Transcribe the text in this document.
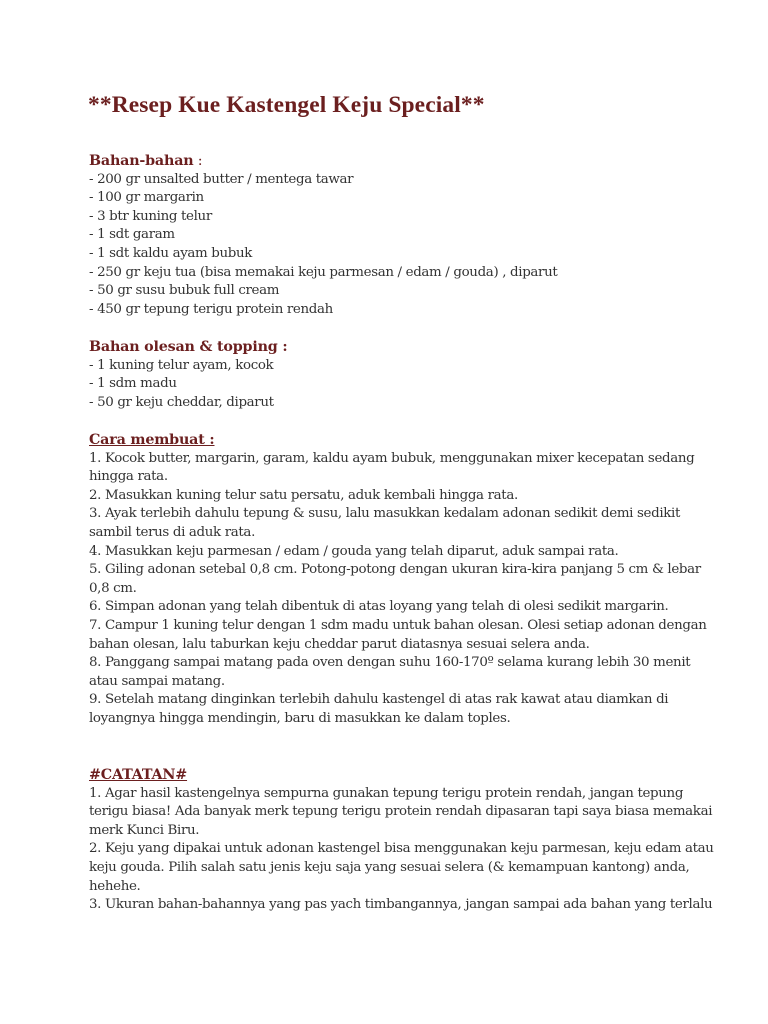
**Resep Kue Kastengel Keju Special**
Bahan-bahan :
- 200 gr unsalted butter / mentega tawar
- 100 gr margarin
- 3 btr kuning telur
- 1 sdt garam
- 1 sdt kaldu ayam bubuk
- 250 gr keju tua (bisa memakai keju parmesan / edam / gouda) , diparut
- 50 gr susu bubuk full cream
- 450 gr tepung terigu protein rendah
Bahan olesan & topping :
- 1 kuning telur ayam, kocok
- 1 sdm madu
- 50 gr keju cheddar, diparut
Cara membuat :
1. Kocok butter, margarin, garam, kaldu ayam bubuk, menggunakan mixer kecepatan sedang
hingga rata.
2. Masukkan kuning telur satu persatu, aduk kembali hingga rata.
3. Ayak terlebih dahulu tepung & susu, lalu masukkan kedalam adonan sedikit demi sedikit
sambil terus di aduk rata.
4. Masukkan keju parmesan / edam / gouda yang telah diparut, aduk sampai rata.
5. Giling adonan setebal 0,8 cm. Potong-potong dengan ukuran kira-kira panjang 5 cm & lebar
0,8 cm.
6. Simpan adonan yang telah dibentuk di atas loyang yang telah di olesi sedikit margarin.
7. Campur 1 kuning telur dengan 1 sdm madu untuk bahan olesan. Olesi setiap adonan dengan
bahan olesan, lalu taburkan keju cheddar parut diatasnya sesuai selera anda.
8. Panggang sampai matang pada oven dengan suhu 160-170º selama kurang lebih 30 menit
atau sampai matang.
9. Setelah matang dinginkan terlebih dahulu kastengel di atas rak kawat atau diamkan di
loyangnya hingga mendingin, baru di masukkan ke dalam toples.
#CATATAN#
1. Agar hasil kastengelnya sempurna gunakan tepung terigu protein rendah, jangan tepung
terigu biasa! Ada banyak merk tepung terigu protein rendah dipasaran tapi saya biasa memakai
merk Kunci Biru.
2. Keju yang dipakai untuk adonan kastengel bisa menggunakan keju parmesan, keju edam atau
keju gouda. Pilih salah satu jenis keju saja yang sesuai selera (& kemampuan kantong) anda,
hehehe.
3. Ukuran bahan-bahannya yang pas yach timbangannya, jangan sampai ada bahan yang terlalu
